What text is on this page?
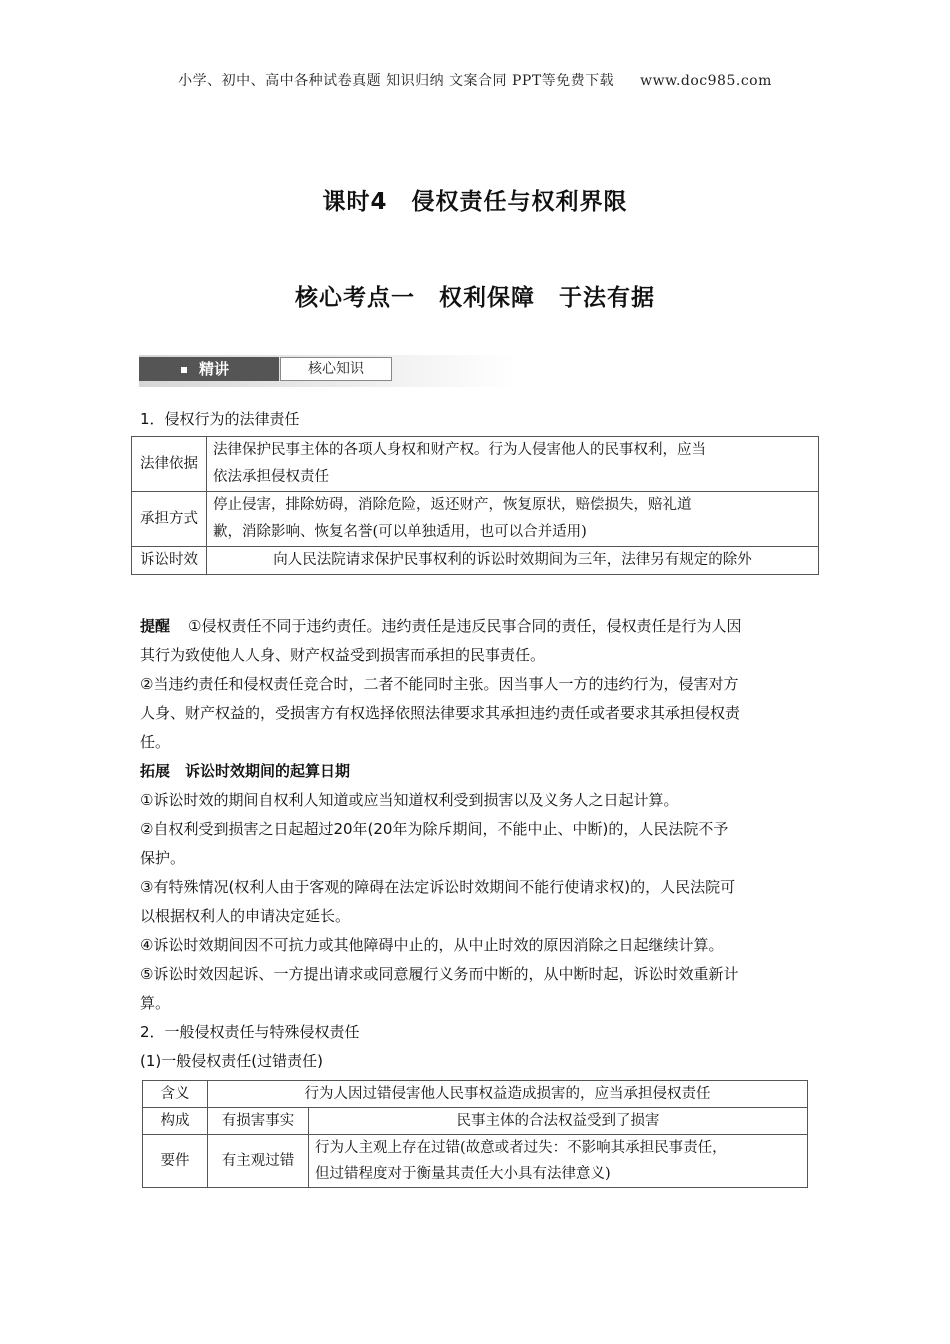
小学、初中、高中各种试卷真题 知识归纳 文案合同 PPT等免费下载 www.doc985.com
课时4　侵权责任与权利界限
核心考点一　权利保障　于法有据
精讲	核心知识
1．侵权行为的法律责任
法律依据	法律保护民事主体的各项人身权和财产权。行为人侵害他人的民事权利，应当
依法承担侵权责任

承担方式	停止侵害，排除妨碍，消除危险，返还财产，恢复原状，赔偿损失，赔礼道
歉，消除影响、恢复名誉(可以单独适用，也可以合并适用)

诉讼时效	向人民法院请求保护民事权利的诉讼时效期间为三年，法律另有规定的除外
提醒 ①侵权责任不同于违约责任。违约责任是违反民事合同的责任，侵权责任是行为人因
其行为致使他人人身、财产权益受到损害而承担的民事责任。
②当违约责任和侵权责任竞合时，二者不能同时主张。因当事人一方的违约行为，侵害对方
人身、财产权益的，受损害方有权选择依照法律要求其承担违约责任或者要求其承担侵权责
任。
拓展　诉讼时效期间的起算日期
①诉讼时效的期间自权利人知道或应当知道权利受到损害以及义务人之日起计算。
②自权利受到损害之日起超过20年(20年为除斥期间，不能中止、中断)的，人民法院不予
保护。
③有特殊情况(权利人由于客观的障碍在法定诉讼时效期间不能行使请求权)的，人民法院可
以根据权利人的申请决定延长。
④诉讼时效期间因不可抗力或其他障碍中止的，从中止时效的原因消除之日起继续计算。
⑤诉讼时效因起诉、一方提出请求或同意履行义务而中断的，从中断时起，诉讼时效重新计
算。
2．一般侵权责任与特殊侵权责任
(1)一般侵权责任(过错责任)
含义	行为人因过错侵害他人民事权益造成损害的，应当承担侵权责任	
构成	有损害事实	民事主体的合法权益受到了损害
要件	有主观过错	行为人主观上存在过错(故意或者过失：不影响其承担民事责任，
但过错程度对于衡量其责任大小具有法律意义)
